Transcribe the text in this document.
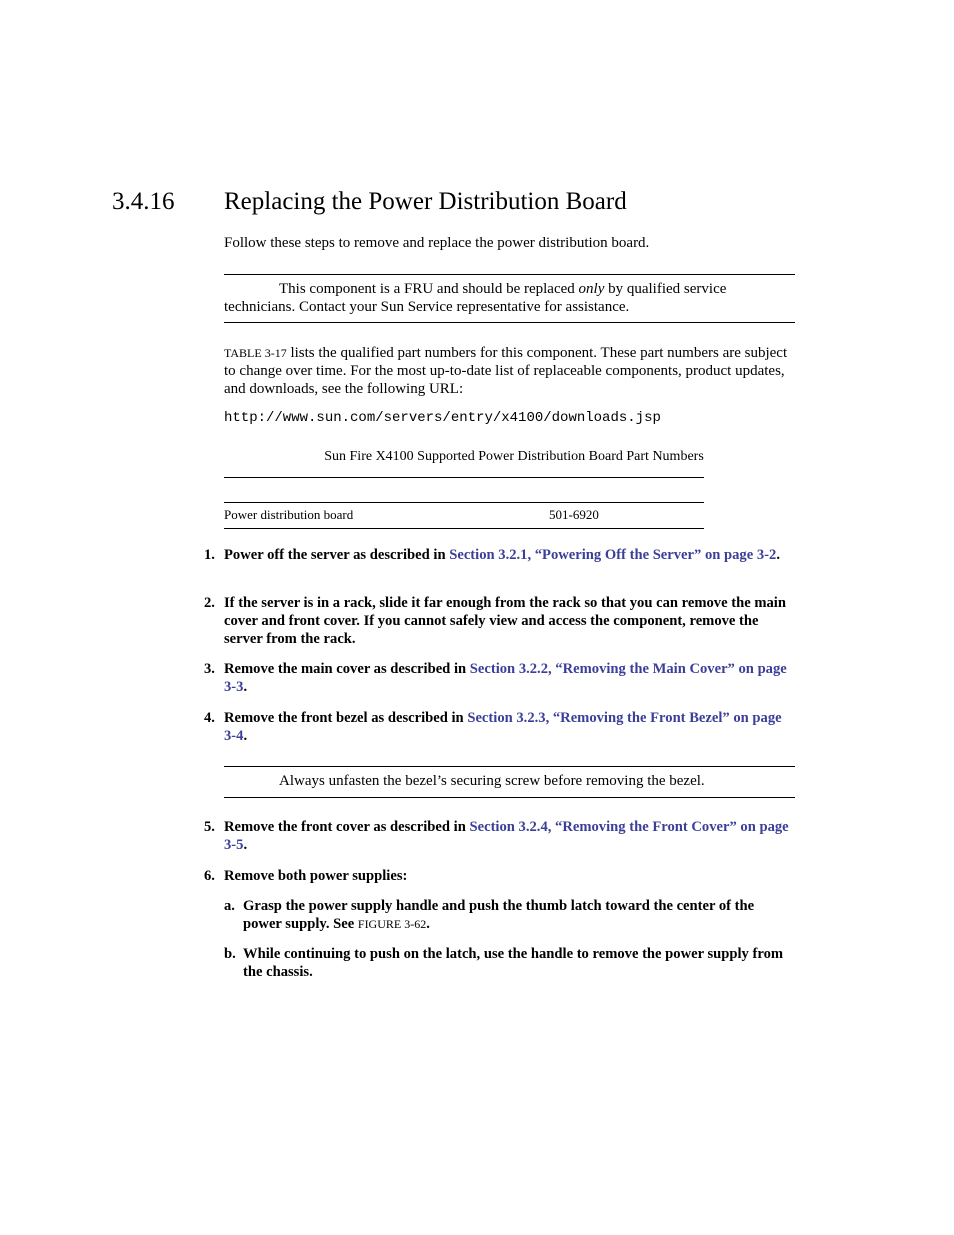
3.4.16 Replacing the Power Distribution Board
Follow these steps to remove and replace the power distribution board.
This component is a FRU and should be replaced only by qualified service technicians. Contact your Sun Service representative for assistance.
TABLE 3-17 lists the qualified part numbers for this component. These part numbers are subject to change over time. For the most up-to-date list of replaceable components, product updates, and downloads, see the following URL:
http://www.sun.com/servers/entry/x4100/downloads.jsp
Sun Fire X4100 Supported Power Distribution Board Part Numbers
Power distribution board	501-6920
1. Power off the server as described in Section 3.2.1, “Powering Off the Server” on page 3-2.
2. If the server is in a rack, slide it far enough from the rack so that you can remove the main cover and front cover. If you cannot safely view and access the component, remove the server from the rack.
3. Remove the main cover as described in Section 3.2.2, “Removing the Main Cover” on page 3-3.
4. Remove the front bezel as described in Section 3.2.3, “Removing the Front Bezel” on page 3-4.
Always unfasten the bezel’s securing screw before removing the bezel.
5. Remove the front cover as described in Section 3.2.4, “Removing the Front Cover” on page 3-5.
6. Remove both power supplies:
a. Grasp the power supply handle and push the thumb latch toward the center of the power supply. See FIGURE 3-62.
b. While continuing to push on the latch, use the handle to remove the power supply from the chassis.
